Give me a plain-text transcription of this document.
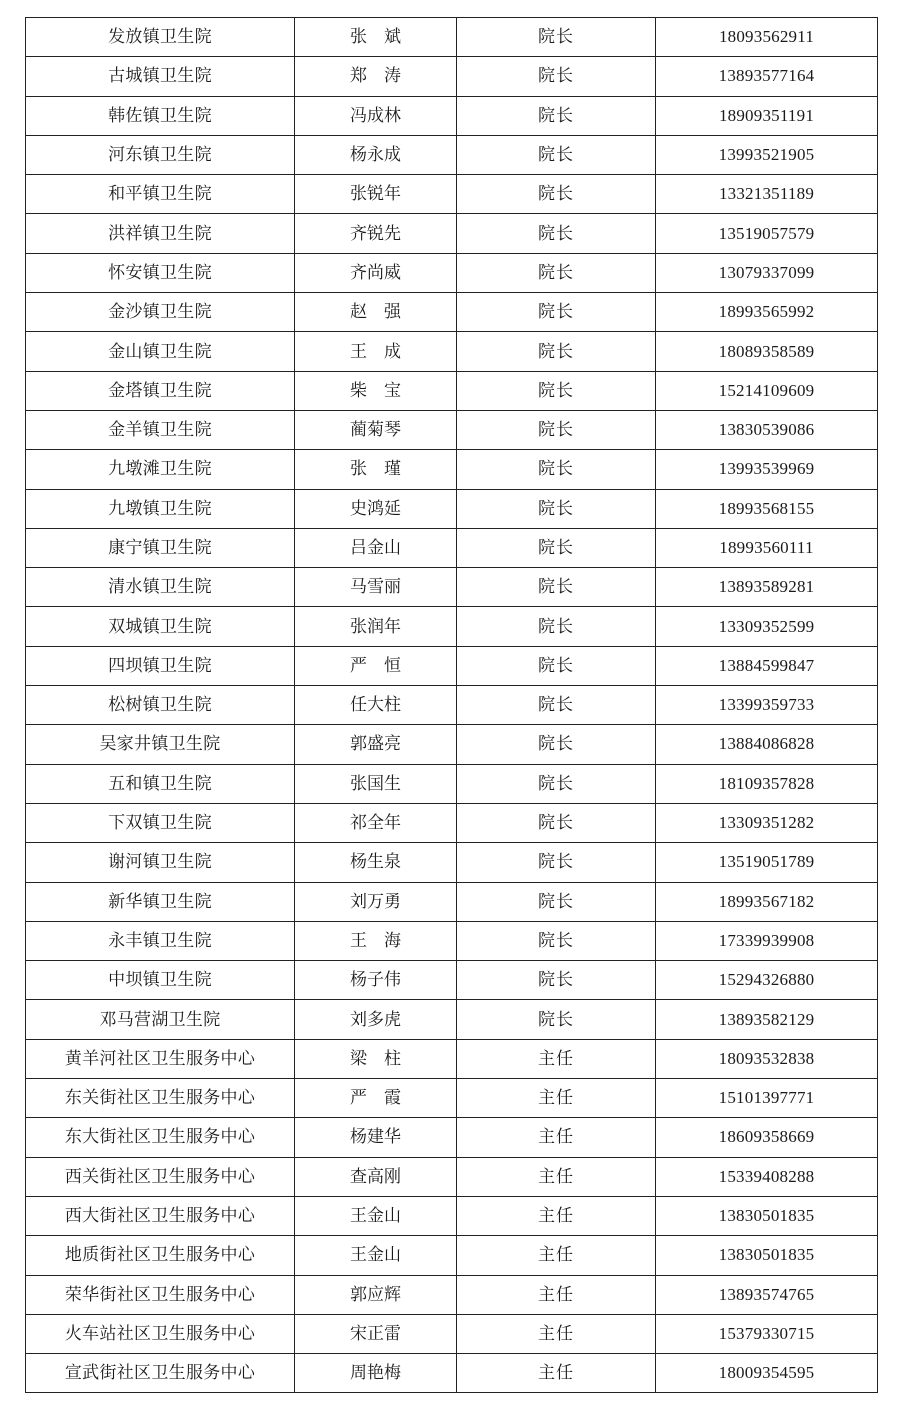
发放镇卫生院	张　斌	院长	18093562911
古城镇卫生院	郑　涛	院长	13893577164
韩佐镇卫生院	冯成林	院长	18909351191
河东镇卫生院	杨永成	院长	13993521905
和平镇卫生院	张锐年	院长	13321351189
洪祥镇卫生院	齐锐先	院长	13519057579
怀安镇卫生院	齐尚威	院长	13079337099
金沙镇卫生院	赵　强	院长	18993565992
金山镇卫生院	王　成	院长	18089358589
金塔镇卫生院	柴　宝	院长	15214109609
金羊镇卫生院	蔺菊琴	院长	13830539086
九墩滩卫生院	张　瑾	院长	13993539969
九墩镇卫生院	史鸿延	院长	18993568155
康宁镇卫生院	吕金山	院长	18993560111
清水镇卫生院	马雪丽	院长	13893589281
双城镇卫生院	张润年	院长	13309352599
四坝镇卫生院	严　恒	院长	13884599847
松树镇卫生院	任大柱	院长	13399359733
吴家井镇卫生院	郭盛亮	院长	13884086828
五和镇卫生院	张国生	院长	18109357828
下双镇卫生院	祁全年	院长	13309351282
谢河镇卫生院	杨生泉	院长	13519051789
新华镇卫生院	刘万勇	院长	18993567182
永丰镇卫生院	王　海	院长	17339939908
中坝镇卫生院	杨子伟	院长	15294326880
邓马营湖卫生院	刘多虎	院长	13893582129
黄羊河社区卫生服务中心	梁　柱	主任	18093532838
东关街社区卫生服务中心	严　霞	主任	15101397771
东大街社区卫生服务中心	杨建华	主任	18609358669
西关街社区卫生服务中心	查高刚	主任	15339408288
西大街社区卫生服务中心	王金山	主任	13830501835
地质街社区卫生服务中心	王金山	主任	13830501835
荣华街社区卫生服务中心	郭应辉	主任	13893574765
火车站社区卫生服务中心	宋正雷	主任	15379330715
宣武街社区卫生服务中心	周艳梅	主任	18009354595
